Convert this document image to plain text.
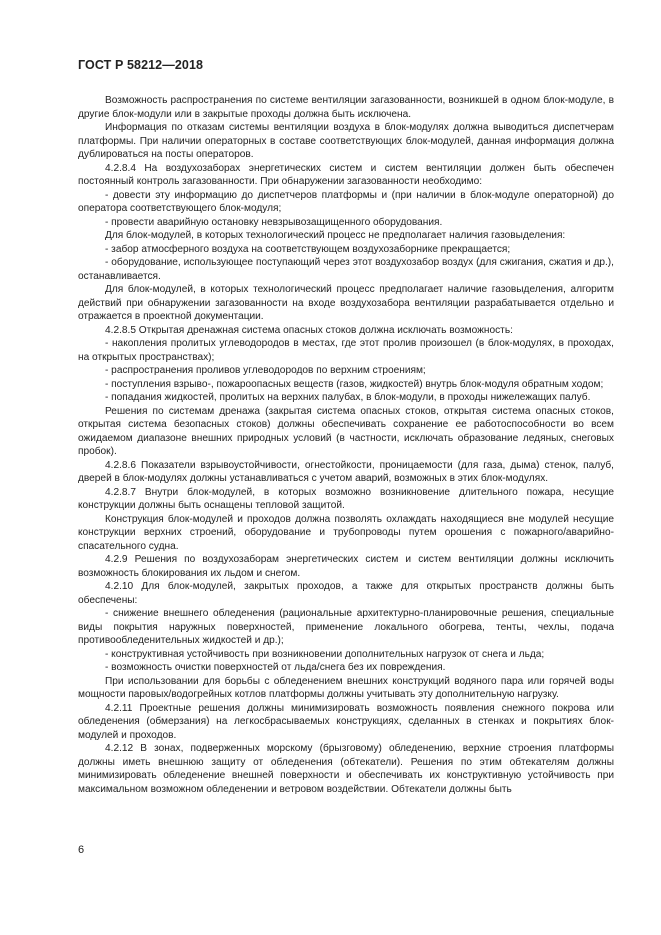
ГОСТ Р 58212—2018

Возможность распространения по системе вентиляции загазованности, возникшей в одном блок-модуле, в другие блок-модули или в закрытые проходы должна быть исключена.

Информация по отказам системы вентиляции воздуха в блок-модулях должна выводиться диспетчерам платформы. При наличии операторных в составе соответствующих блок-модулей, данная информация должна дублироваться на посты операторов.

4.2.8.4 На воздухозаборах энергетических систем и систем вентиляции должен быть обеспечен постоянный контроль загазованности. При обнаружении загазованности необходимо:

- довести эту информацию до диспетчеров платформы и (при наличии в блок-модуле операторной) до оператора соответствующего блок-модуля;

- провести аварийную остановку невзрывозащищенного оборудования.

Для блок-модулей, в которых технологический процесс не предполагает наличия газовыделения:

- забор атмосферного воздуха на соответствующем воздухозаборнике прекращается;

- оборудование, использующее поступающий через этот воздухозабор воздух (для сжигания, сжатия и др.), останавливается.

Для блок-модулей, в которых технологический процесс предполагает наличие газовыделения, алгоритм действий при обнаружении загазованности на входе воздухозабора вентиляции разрабатывается отдельно и отражается в проектной документации.

4.2.8.5 Открытая дренажная система опасных стоков должна исключать возможность:

- накопления пролитых углеводородов в местах, где этот пролив произошел (в блок-модулях, в проходах, на открытых пространствах);

- распространения проливов углеводородов по верхним строениям;

- поступления взрыво-, пожароопасных веществ (газов, жидкостей) внутрь блок-модуля обратным ходом;

- попадания жидкостей, пролитых на верхних палубах, в блок-модули, в проходы нижележащих палуб.

Решения по системам дренажа (закрытая система опасных стоков, открытая система опасных стоков, открытая система безопасных стоков) должны обеспечивать сохранение ее работоспособности во всем ожидаемом диапазоне внешних природных условий (в частности, исключать образование ледяных, снеговых пробок).

4.2.8.6 Показатели взрывоустойчивости, огнестойкости, проницаемости (для газа, дыма) стенок, палуб, дверей в блок-модулях должны устанавливаться с учетом аварий, возможных в этих блок-модулях.

4.2.8.7 Внутри блок-модулей, в которых возможно возникновение длительного пожара, несущие конструкции должны быть оснащены тепловой защитой.

Конструкция блок-модулей и проходов должна позволять охлаждать находящиеся вне модулей несущие конструкции верхних строений, оборудование и трубопроводы путем орошения с пожарного/аварийно-спасательного судна.

4.2.9 Решения по воздухозаборам энергетических систем и систем вентиляции должны исключить возможность блокирования их льдом и снегом.

4.2.10 Для блок-модулей, закрытых проходов, а также для открытых пространств должны быть обеспечены:

- снижение внешнего обледенения (рациональные архитектурно-планировочные решения, специальные виды покрытия наружных поверхностей, применение локального обогрева, тенты, чехлы, подача противообледенительных жидкостей и др.);

- конструктивная устойчивость при возникновении дополнительных нагрузок от снега и льда;

- возможность очистки поверхностей от льда/снега без их повреждения.

При использовании для борьбы с обледенением внешних конструкций водяного пара или горячей воды мощности паровых/водогрейных котлов платформы должны учитывать эту дополнительную нагрузку.

4.2.11 Проектные решения должны минимизировать возможность появления снежного покрова или обледенения (обмерзания) на легкосбрасываемых конструкциях, сделанных в стенках и покрытиях блок-модулей и проходов.

4.2.12 В зонах, подверженных морскому (брызговому) обледенению, верхние строения платформы должны иметь внешнюю защиту от обледенения (обтекатели). Решения по этим обтекателям должны минимизировать обледенение внешней поверхности и обеспечивать их конструктивную устойчивость при максимальном возможном обледенении и ветровом воздействии. Обтекатели должны быть

6
